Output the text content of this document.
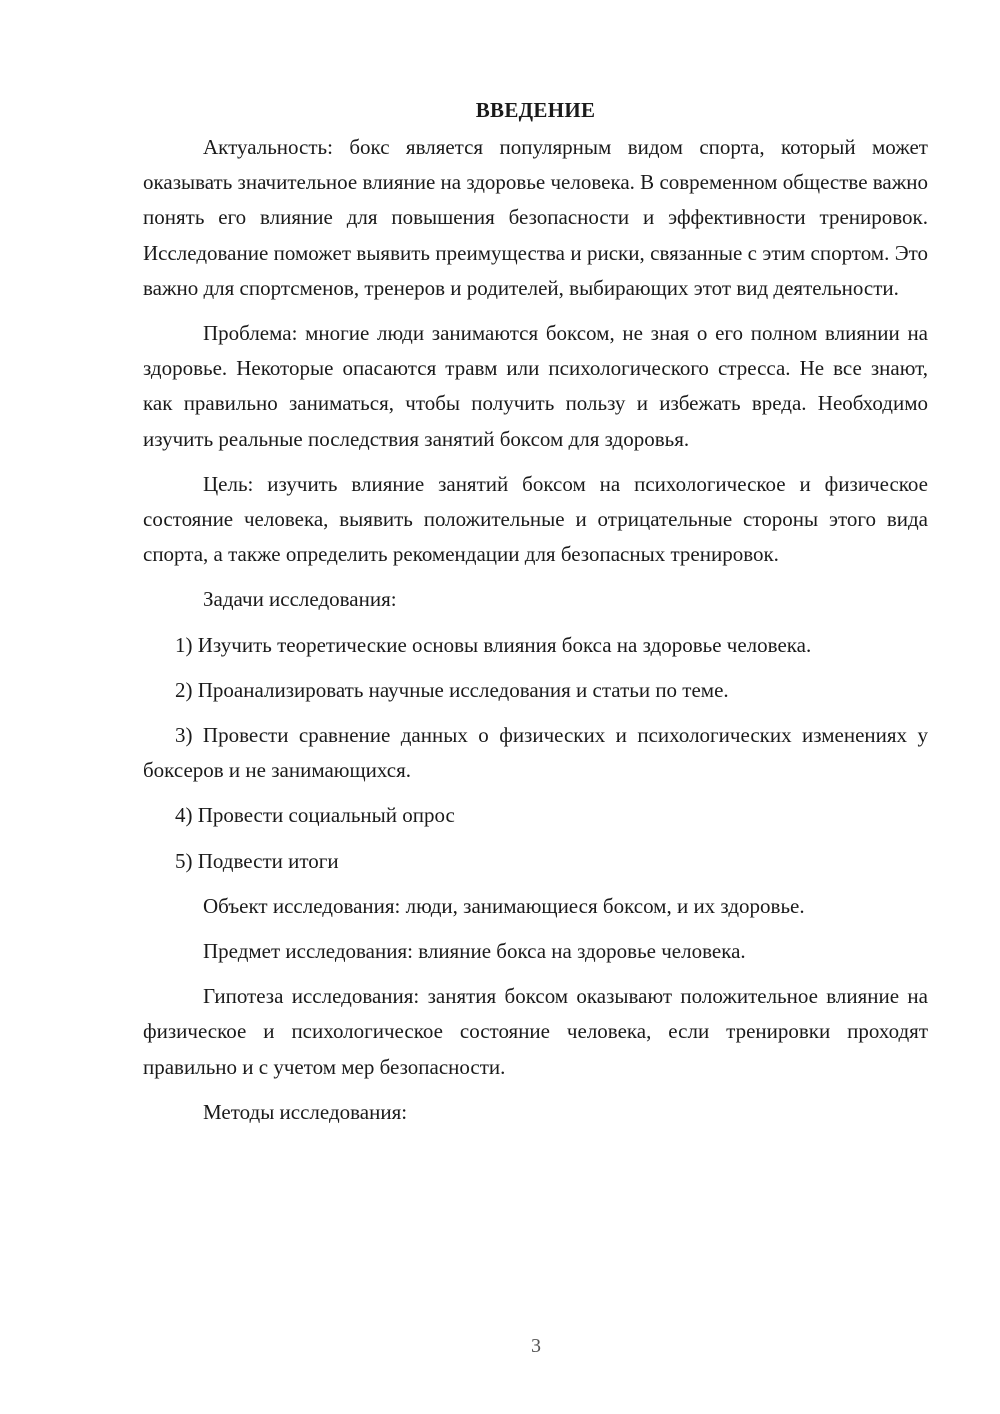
ВВЕДЕНИЕ

Актуальность: бокс является популярным видом спорта, который может оказывать значительное влияние на здоровье человека. В современном обществе важно понять его влияние для повышения безопасности и эффективности тренировок. Исследование поможет выявить преимущества и риски, связанные с этим спортом. Это важно для спортсменов, тренеров и родителей, выбирающих этот вид деятельности.

Проблема: многие люди занимаются боксом, не зная о его полном влиянии на здоровье. Некоторые опасаются травм или психологического стресса. Не все знают, как правильно заниматься, чтобы получить пользу и избежать вреда. Необходимо изучить реальные последствия занятий боксом для здоровья.

Цель: изучить влияние занятий боксом на психологическое и физическое состояние человека, выявить положительные и отрицательные стороны этого вида спорта, а также определить рекомендации для безопасных тренировок.

Задачи исследования:

1) Изучить теоретические основы влияния бокса на здоровье человека.

2) Проанализировать научные исследования и статьи по теме.

3) Провести сравнение данных о физических и психологических изменениях у боксеров и не занимающихся.

4) Провести социальный опрос

5) Подвести итоги

Объект исследования: люди, занимающиеся боксом, и их здоровье.

Предмет исследования: влияние бокса на здоровье человека.

Гипотеза исследования: занятия боксом оказывают положительное влияние на физическое и психологическое состояние человека, если тренировки проходят правильно и с учетом мер безопасности.

Методы исследования:

3
